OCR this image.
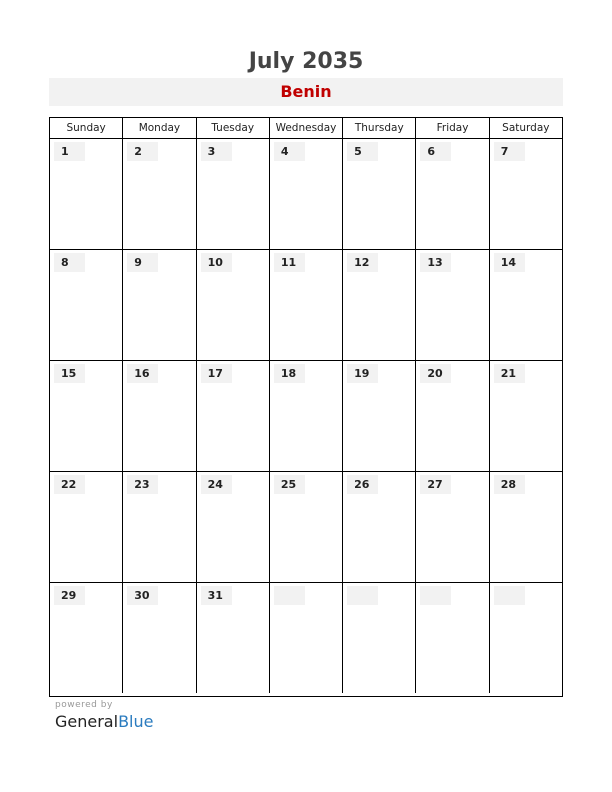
July 2035
Benin
Sunday	Monday	Tuesday	Wednesday	Thursday	Friday	Saturday
1	2	3	4	5	6	7
8	9	10	11	12	13	14
15	16	17	18	19	20	21
22	23	24	25	26	27	28
29	30	31
powered by
GeneralBlue
